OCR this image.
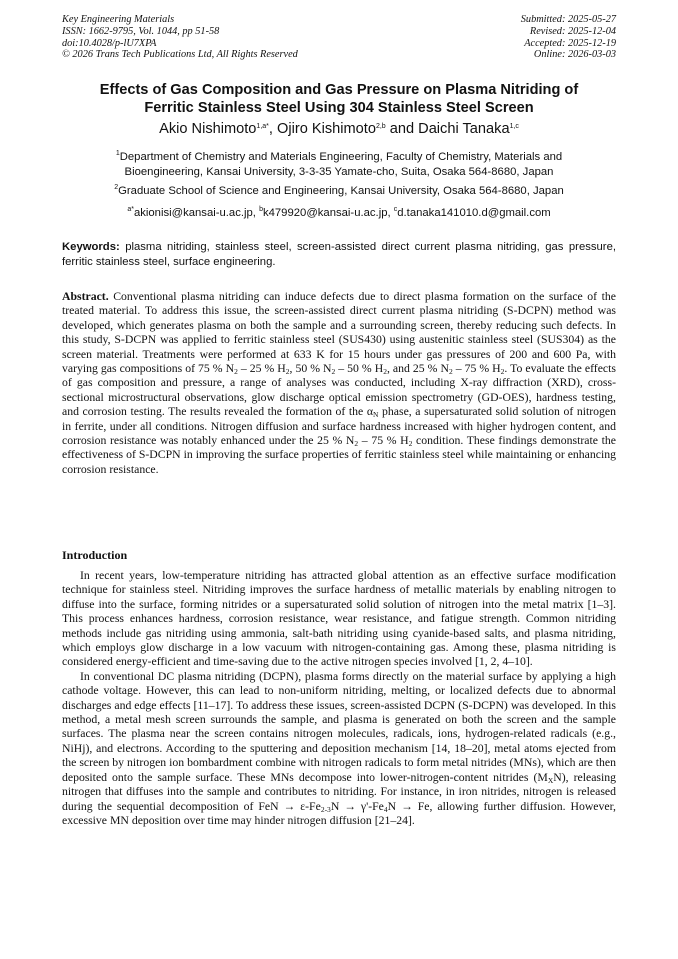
Key Engineering Materials
ISSN: 1662-9795, Vol. 1044, pp 51-58
doi:10.4028/p-lU7XPA
© 2026 Trans Tech Publications Ltd, All Rights Reserved
Submitted: 2025-05-27
Revised: 2025-12-04
Accepted: 2025-12-19
Online: 2026-03-03
Effects of Gas Composition and Gas Pressure on Plasma Nitriding of
Ferritic Stainless Steel Using 304 Stainless Steel Screen
Akio Nishimoto$^{1,a*}$, Ojiro Kishimoto$^{2,b}$ and Daichi Tanaka$^{1,c}$
$^1$Department of Chemistry and Materials Engineering, Faculty of Chemistry, Materials and
Bioengineering, Kansai University, 3-3-35 Yamate-cho, Suita, Osaka 564-8680, Japan
$^2$Graduate School of Science and Engineering, Kansai University, Osaka 564-8680, Japan
$^{a*}$akionisi@kansai-u.ac.jp, $^b$k479920@kansai-u.ac.jp, $^c$d.tanaka141010.d@gmail.com
Keywords: plasma nitriding, stainless steel, screen-assisted direct current plasma nitriding, gas pressure, ferritic stainless steel, surface engineering.

Abstract. Conventional plasma nitriding can induce defects due to direct plasma formation on the surface of the treated material. To address this issue, the screen-assisted direct current plasma nitriding (S-DCPN) method was developed, which generates plasma on both the sample and a surrounding screen, thereby reducing such defects. In this study, S-DCPN was applied to ferritic stainless steel (SUS430) using austenitic stainless steel (SUS304) as the screen material. Treatments were performed at 633 K for 15 hours under gas pressures of 200 and 600 Pa, with varying gas compositions of 75 % $N_2 - 25$ % $H_2$, 50 % $N_2 - 50$ % $H_2$, and 25 % $N_2 - 75$ % $H_2$. To evaluate the effects of gas composition and pressure, a range of analyses was conducted, including X-ray diffraction (XRD), cross-sectional microstructural observations, glow discharge optical emission spectrometry (GD-OES), hardness testing, and corrosion testing. The results revealed the formation of the $\alpha_N$ phase, a supersaturated solid solution of nitrogen in ferrite, under all conditions. Nitrogen diffusion and surface hardness increased with higher hydrogen content, and corrosion resistance was notably enhanced under the 25 % $N_2 - 75$ % $H_2$ condition. These findings demonstrate the effectiveness of S-DCPN in improving the surface properties of ferritic stainless steel while maintaining or enhancing corrosion resistance.

Introduction

In recent years, low-temperature nitriding has attracted global attention as an effective surface modification technique for stainless steel. Nitriding improves the surface hardness of metallic materials by enabling nitrogen to diffuse into the surface, forming nitrides or a supersaturated solid solution of nitrogen into the metal matrix [1–3]. This process enhances hardness, corrosion resistance, wear resistance, and fatigue strength. Common nitriding methods include gas nitriding using ammonia, salt-bath nitriding using cyanide-based salts, and plasma nitriding, which employs glow discharge in a low vacuum with nitrogen-containing gas. Among these, plasma nitriding is considered energy-efficient and time-saving due to the active nitrogen species involved [1, 2, 4–10].

In conventional DC plasma nitriding (DCPN), plasma forms directly on the material surface by applying a high cathode voltage. However, this can lead to non-uniform nitriding, melting, or localized defects due to abnormal discharges and edge effects [11–17]. To address these issues, screen-assisted DCPN (S-DCPN) was developed. In this method, a metal mesh screen surrounds the sample, and plasma is generated on both the screen and the sample surfaces. The plasma near the screen contains nitrogen molecules, radicals, ions, hydrogen-related radicals (e.g., NiHj), and electrons. According to the sputtering and deposition mechanism [14, 18–20], metal atoms ejected from the screen by nitrogen ion bombardment combine with nitrogen radicals to form metal nitrides (MNs), which are then deposited onto the sample surface. These MNs decompose into lower-nitrogen-content nitrides $(M_XN)$, releasing nitrogen that diffuses into the sample and contributes to nitriding. For instance, in iron nitrides, nitrogen is released during the sequential decomposition of FeN → $\varepsilon-Fe_{2-3}N \to \gamma'-Fe_4N \to Fe$, allowing further diffusion. However, excessive MN deposition over time may hinder nitrogen diffusion [21–24].
